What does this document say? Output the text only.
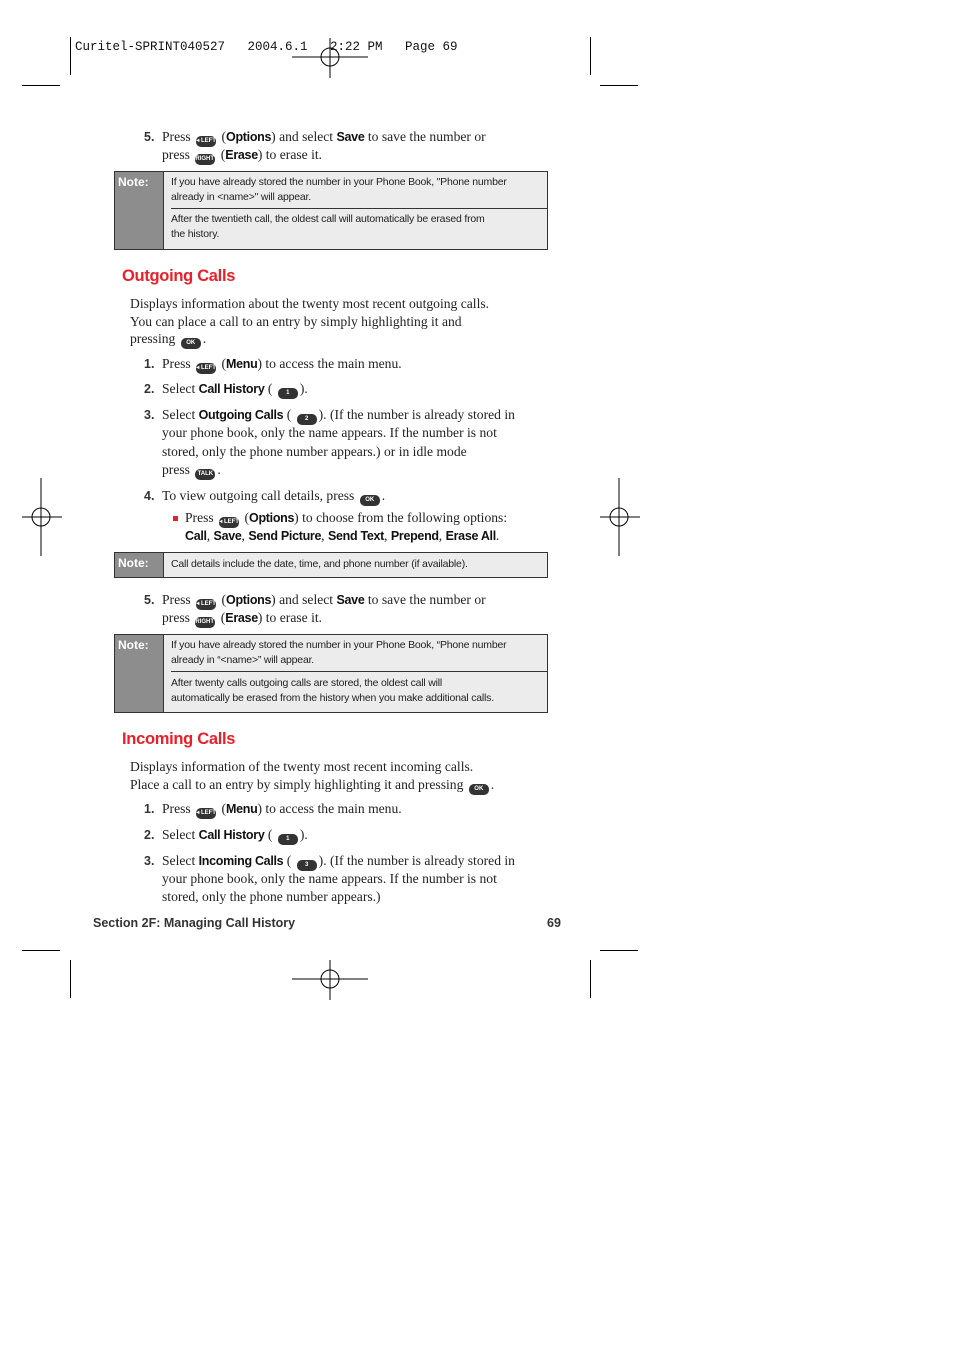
Curitel-SPRINT040527   2004.6.1   2:22 PM   Page 69
5. Press ◂ LEFT (Options) and select Save to save the number or
press RIGHT ▸ (Erase) to erase it.
Note: If you have already stored the number in your Phone Book, "Phone number
already in <name>" will appear.
After the twentieth call, the oldest call will automatically be erased from
the history.
Outgoing Calls
Displays information about the twenty most recent outgoing calls.
You can place a call to an entry by simply highlighting it and
pressing OK .
1. Press ◂ LEFT (Menu) to access the main menu.
2. Select Call History ( 1 ).
3. Select Outgoing Calls ( 2 ). (If the number is already stored in
your phone book, only the name appears. If the number is not
stored, only the phone number appears.) or in idle mode
press TALK .
4. To view outgoing call details, press OK .
Press ◂ LEFT (Options) to choose from the following options:
Call, Save, Send Picture, Send Text, Prepend, Erase All.
Note: Call details include the date, time, and phone number (if available).
5. Press ◂ LEFT (Options) and select Save to save the number or
press RIGHT ▸ (Erase) to erase it.
Note: If you have already stored the number in your Phone Book, “Phone number
already in “<name>” will appear.
After twenty calls outgoing calls are stored, the oldest call will
automatically be erased from the history when you make additional calls.
Incoming Calls
Displays information of the twenty most recent incoming calls.
Place a call to an entry by simply highlighting it and pressing OK .
1. Press ◂ LEFT (Menu) to access the main menu.
2. Select Call History ( 1 ).
3. Select Incoming Calls ( 3 ). (If the number is already stored in
your phone book, only the name appears. If the number is not
stored, only the phone number appears.)
Section 2F: Managing Call History	69
